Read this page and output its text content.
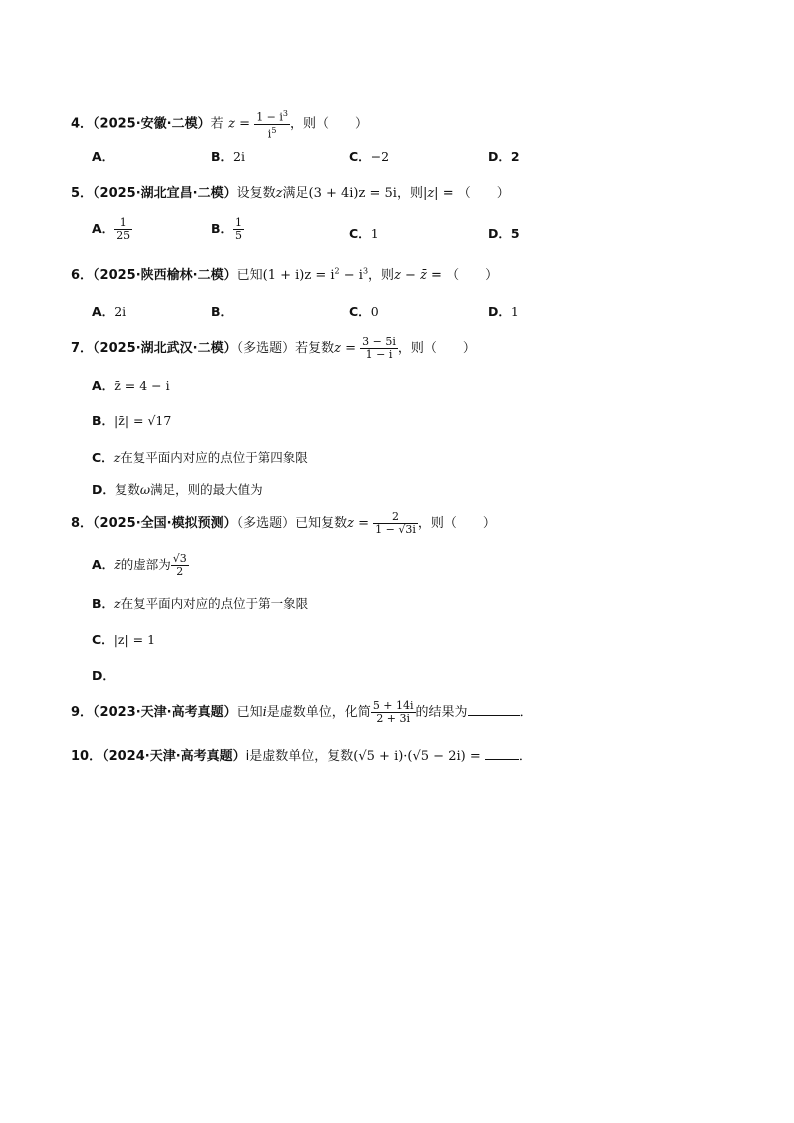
4．（2025·安徽·二模）若 $z = \frac{1 - i^3}{i^5}$ ，则（　　）
A．	B．2i	C．−2	D．2
5．（2025·湖北宜昌·二模）设复数z满足(3 + 4i)z = 5i，则|z| = （　　）
A． $\frac{1}{25}$	B． $\frac{1}{5}$	C．1	D．5
6．（2025·陕西榆林·二模）已知$(1 + i)z = i^2 - i^3$，则z − z̄ = （　　）
A．2i	B．	C．0	D．1
7．（2025·湖北武汉·二模）（多选题）若复数$z = \frac{3 - 5i}{1 - i}$ ，则（　　）
A．z̄ = 4 − i
B．|z̄| = √17
C．z在复平面内对应的点位于第四象限
D．复数ω满足，则的最大值为
8．（2025·全国·模拟预测）（多选题）已知复数$z = \frac{2}{1 - √3i}$ ，则（　　）
A．z̄的虚部为 $\frac{√3}{2}$
B．z在复平面内对应的点位于第一象限
C．|z| = 1
D．
9．（2023·天津·高考真题）已知i是虚数单位，化简 $\frac{5 + 14i}{2 + 3i}$ 的结果为	．
10．（2024·天津·高考真题）i是虚数单位，复数(√5 + i)·(√5 − 2i) =	．
